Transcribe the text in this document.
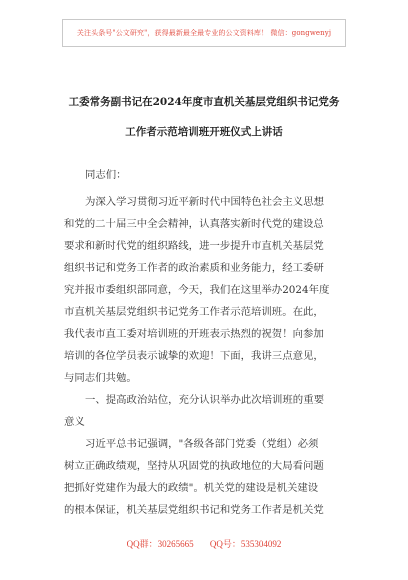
关注头条号"公文研究"，获得最新最全最专业的公文资料库！ 微信：gongwenyj
工委常务副书记在2024年度市直机关基层党组织书记党务
工作者示范培训班开班仪式上讲话
同志们：
为深入学习贯彻习近平新时代中国特色社会主义思想
和党的二十届三中全会精神，认真落实新时代党的建设总
要求和新时代党的组织路线，进一步提升市直机关基层党
组织书记和党务工作者的政治素质和业务能力，经工委研
究并报市委组织部同意，今天，我们在这里举办2024年度
市直机关基层党组织书记党务工作者示范培训班。在此，
我代表市直工委对培训班的开班表示热烈的祝贺！向参加
培训的各位学员表示诚挚的欢迎！下面，我讲三点意见，
与同志们共勉。
一、提高政治站位，充分认识举办此次培训班的重要
意义
习近平总书记强调，"各级各部门党委（党组）必须
树立正确政绩观，坚持从巩固党的执政地位的大局看问题
把抓好党建作为最大的政绩"。机关党的建设是机关建设
的根本保证，机关基层党组织书记和党务工作者是机关党
QQ群：30265665 QQ号：535304092
